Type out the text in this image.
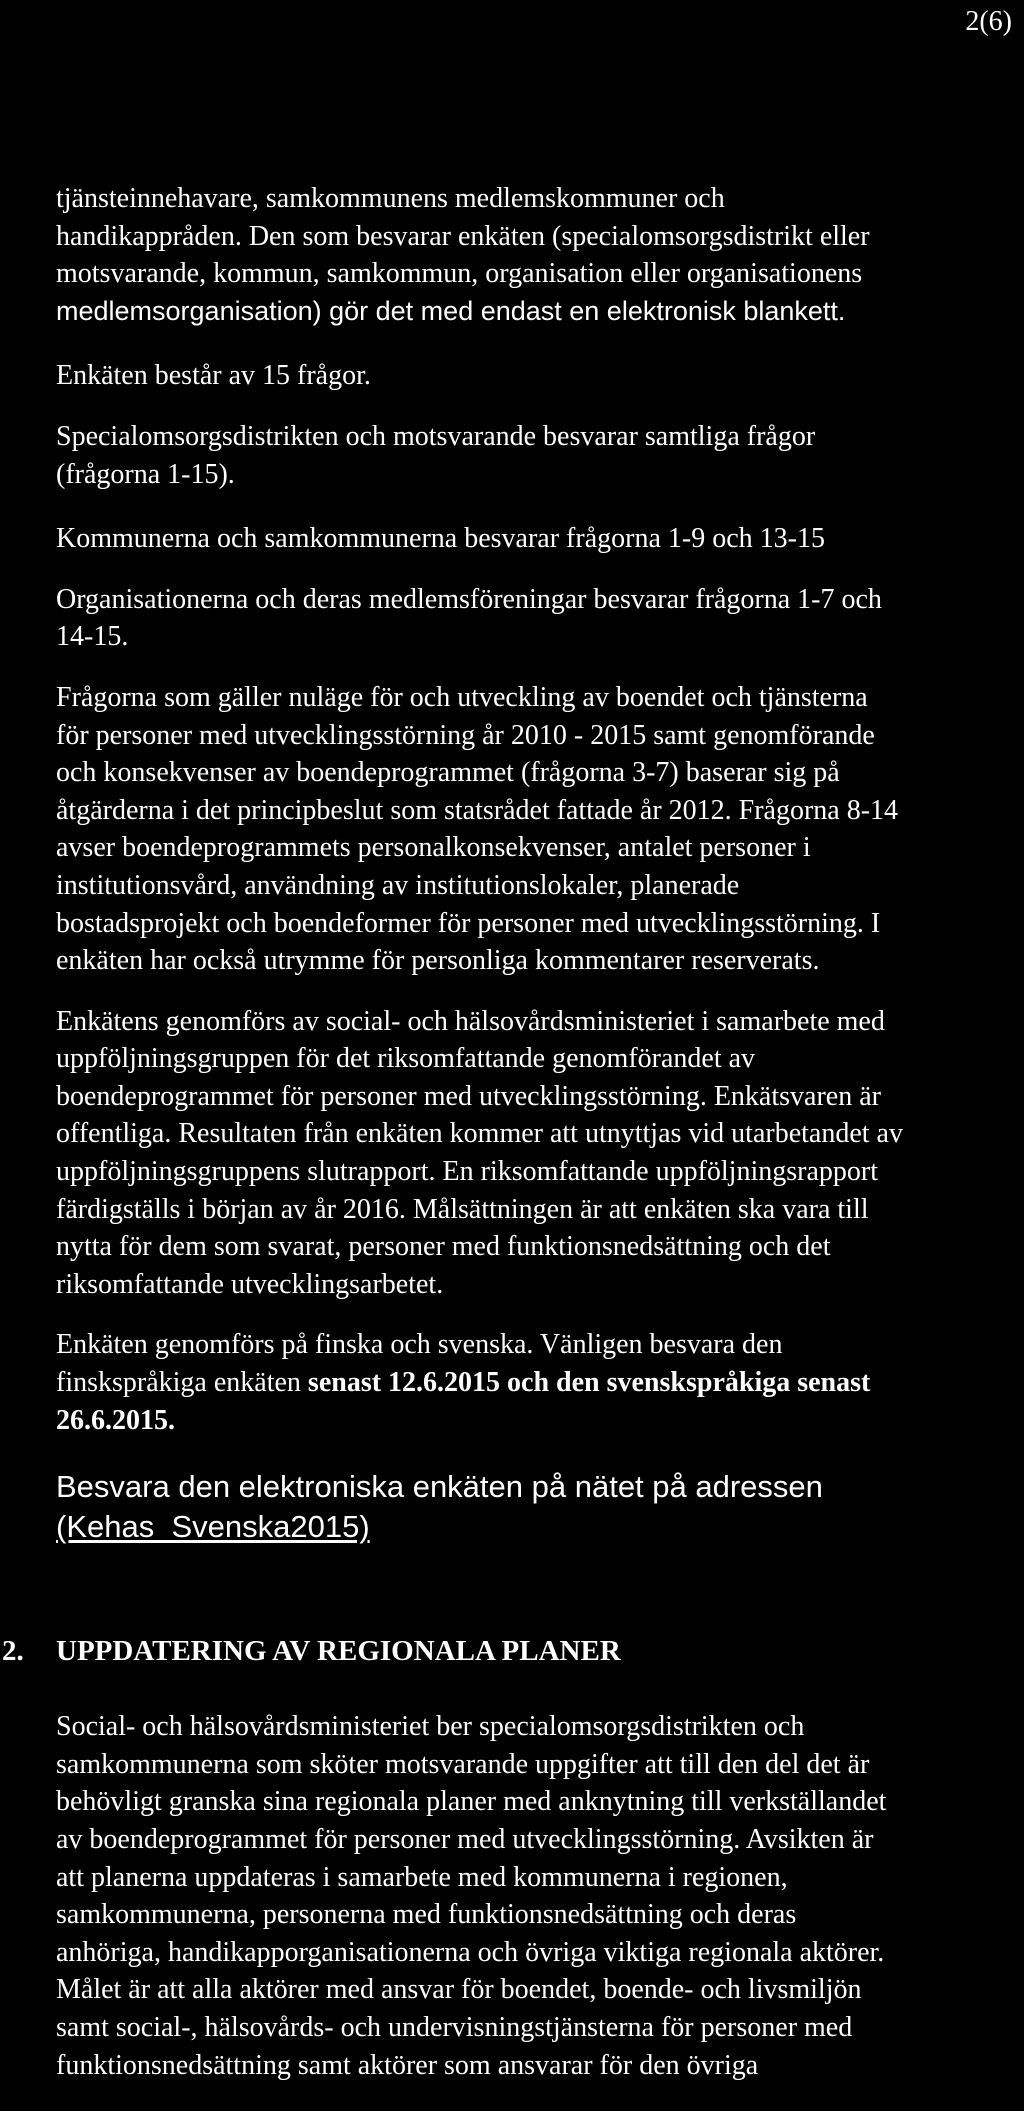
2(6)

tjänsteinnehavare, samkommunens medlemskommuner och

handikappråden. Den som besvarar enkäten (specialomsorgsdistrikt eller

motsvarande, kommun, samkommun, organisation eller organisationens

medlemsorganisation) gör det med endast en elektronisk blankett.

Enkäten består av 15 frågor.

Specialomsorgsdistrikten och motsvarande besvarar samtliga frågor

(frågorna 1-15).

Kommunerna och samkommunerna besvarar frågorna 1-9 och 13-15

Organisationerna och deras medlemsföreningar besvarar frågorna 1-7 och

14-15.

Frågorna som gäller nuläge för och utveckling av boendet och tjänsterna

för personer med utvecklingsstörning år 2010 - 2015 samt genomförande

och konsekvenser av boendeprogrammet (frågorna 3-7) baserar sig på

åtgärderna i det principbeslut som statsrådet fattade år 2012. Frågorna 8-14

avser boendeprogrammets personalkonsekvenser, antalet personer i

institutionsvård, användning av institutionslokaler, planerade

bostadsprojekt och boendeformer för personer med utvecklingsstörning. I

enkäten har också utrymme för personliga kommentarer reserverats.

Enkätens genomförs av social- och hälsovårdsministeriet i samarbete med

uppföljningsgruppen för det riksomfattande genomförandet av

boendeprogrammet för personer med utvecklingsstörning. Enkätsvaren är

offentliga. Resultaten från enkäten kommer att utnyttjas vid utarbetandet av

uppföljningsgruppens slutrapport. En riksomfattande uppföljningsrapport

färdigställs i början av år 2016. Målsättningen är att enkäten ska vara till

nytta för dem som svarat, personer med funktionsnedsättning och det

riksomfattande utvecklingsarbetet.

Enkäten genomförs på finska och svenska. Vänligen besvara den

finskspråkiga enkäten senast 12.6.2015 och den svenskspråkiga senast

26.6.2015.

Besvara den elektroniska enkäten på nätet på adressen
(Kehas_Svenska2015)
2. UPPDATERING AV REGIONALA PLANER

Social- och hälsovårdsministeriet ber specialomsorgsdistrikten och

samkommunerna som sköter motsvarande uppgifter att till den del det är

behövligt granska sina regionala planer med anknytning till verkställandet

av boendeprogrammet för personer med utvecklingsstörning. Avsikten är

att planerna uppdateras i samarbete med kommunerna i regionen,

samkommunerna, personerna med funktionsnedsättning och deras

anhöriga, handikapporganisationerna och övriga viktiga regionala aktörer.

Målet är att alla aktörer med ansvar för boendet, boende- och livsmiljön

samt social-, hälsovårds- och undervisningstjänsterna för personer med

funktionsnedsättning samt aktörer som ansvarar för den övriga
